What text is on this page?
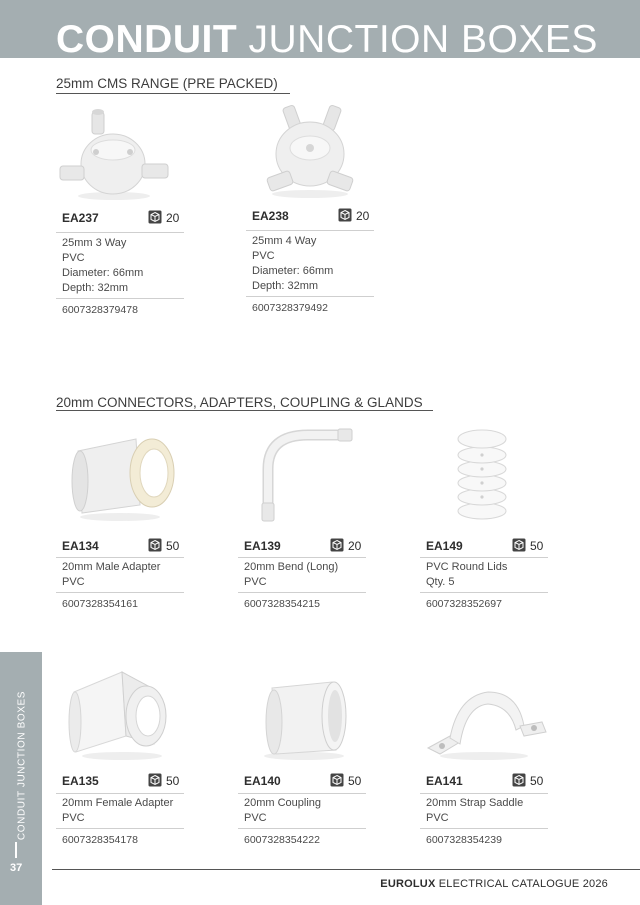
CONDUIT JUNCTION BOXES
25mm CMS RANGE (PRE PACKED)
EA237	20
25mm 3 Way
PVC
Diameter: 66mm
Depth: 32mm
6007328379478
EA238	20
25mm 4 Way
PVC
Diameter: 66mm
Depth: 32mm
6007328379492
20mm CONNECTORS, ADAPTERS, COUPLING & GLANDS
EA134	50
20mm Male Adapter
PVC
6007328354161
EA139	20
20mm Bend (Long)
PVC
6007328354215
EA149	50
PVC Round Lids
Qty. 5
6007328352697
EA135	50
20mm Female Adapter
PVC
6007328354178
EA140	50
20mm Coupling
PVC
6007328354222
EA141	50
20mm Strap Saddle
PVC
6007328354239
CONDUIT JUNCTION BOXES
37
EUROLUX ELECTRICAL CATALOGUE 2026
